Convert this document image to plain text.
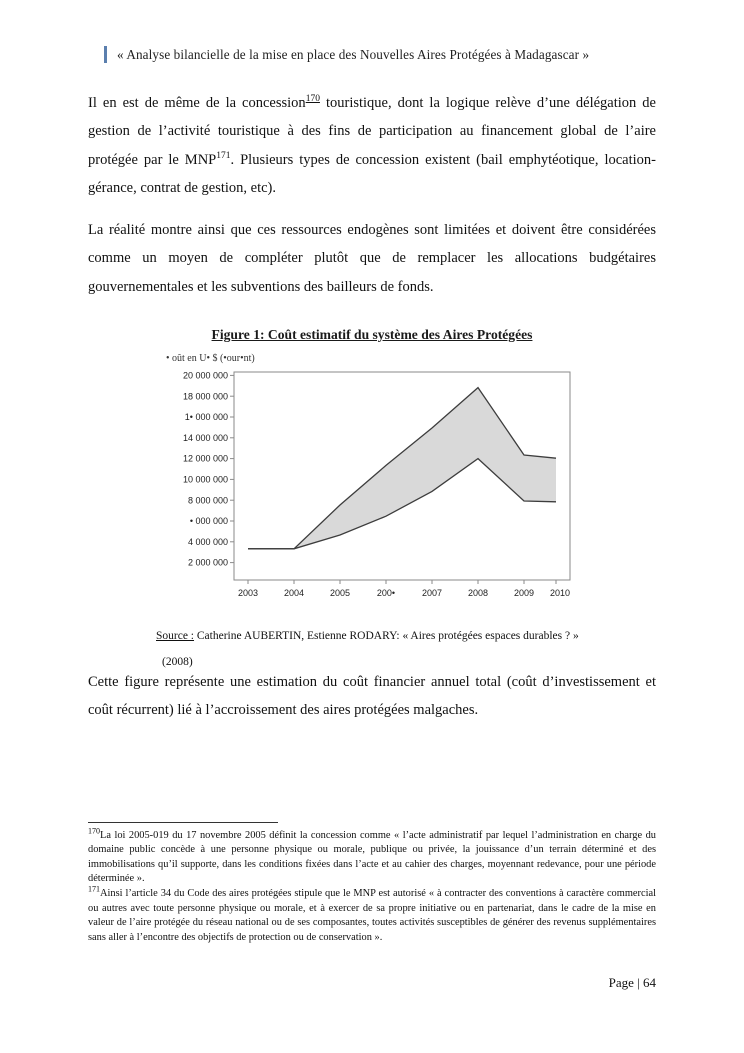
« Analyse bilancielle de la mise en place des Nouvelles Aires Protégées à Madagascar »

Il en est de même de la concession$^{170}$ touristique, dont la logique relève d’une délégation de gestion de l’activité touristique à des fins de participation au financement global de l’aire protégée par le MNP$^{171}$. Plusieurs types de concession existent (bail emphytéotique, location-gérance, contrat de gestion, etc).

La réalité montre ainsi que ces ressources endogènes sont limitées et doivent être considérées comme un moyen de compléter plutôt que de remplacer les allocations budgétaires gouvernementales et les subventions des bailleurs de fonds.

Figure 1: Coût estimatif du système des Aires Protégées
• oût en U• $ (•our•nt)
20 000 000
18 000 000
1• 000 000
14 000 000
12 000 000
10 000 000
8 000 000
• 000 000
4 000 000
2 000 000
2003	2004	2005	200•	2007	2008	2009 2010
Source : Catherine AUBERTIN, Estienne RODARY: « Aires protégées espaces durables ? »
(2008)

Cette figure représente une estimation du coût financier annuel total (coût d’investissement et coût récurrent) lié à l’accroissement des aires protégées malgaches.

$^{170}$La loi 2005-019 du 17 novembre 2005 définit la concession comme « l’acte administratif par lequel l’administration en charge du domaine public concède à une personne physique ou morale, publique ou privée, la jouissance d’un terrain déterminé et des immobilisations qu’il supporte, dans les conditions fixées dans l’acte et au cahier des charges, moyennant redevance, pour une période déterminée ».

$^{171}$Ainsi l’article 34 du Code des aires protégées stipule que le MNP est autorisé « à contracter des conventions à caractère commercial ou autres avec toute personne physique ou morale, et à exercer de sa propre initiative ou en partenariat, dans le cadre de la mise en valeur de l’aire protégée du réseau national ou de ses composantes, toutes activités susceptibles de générer des revenus supplémentaires sans aller à l’encontre des objectifs de protection ou de conservation ».

Page | 64
